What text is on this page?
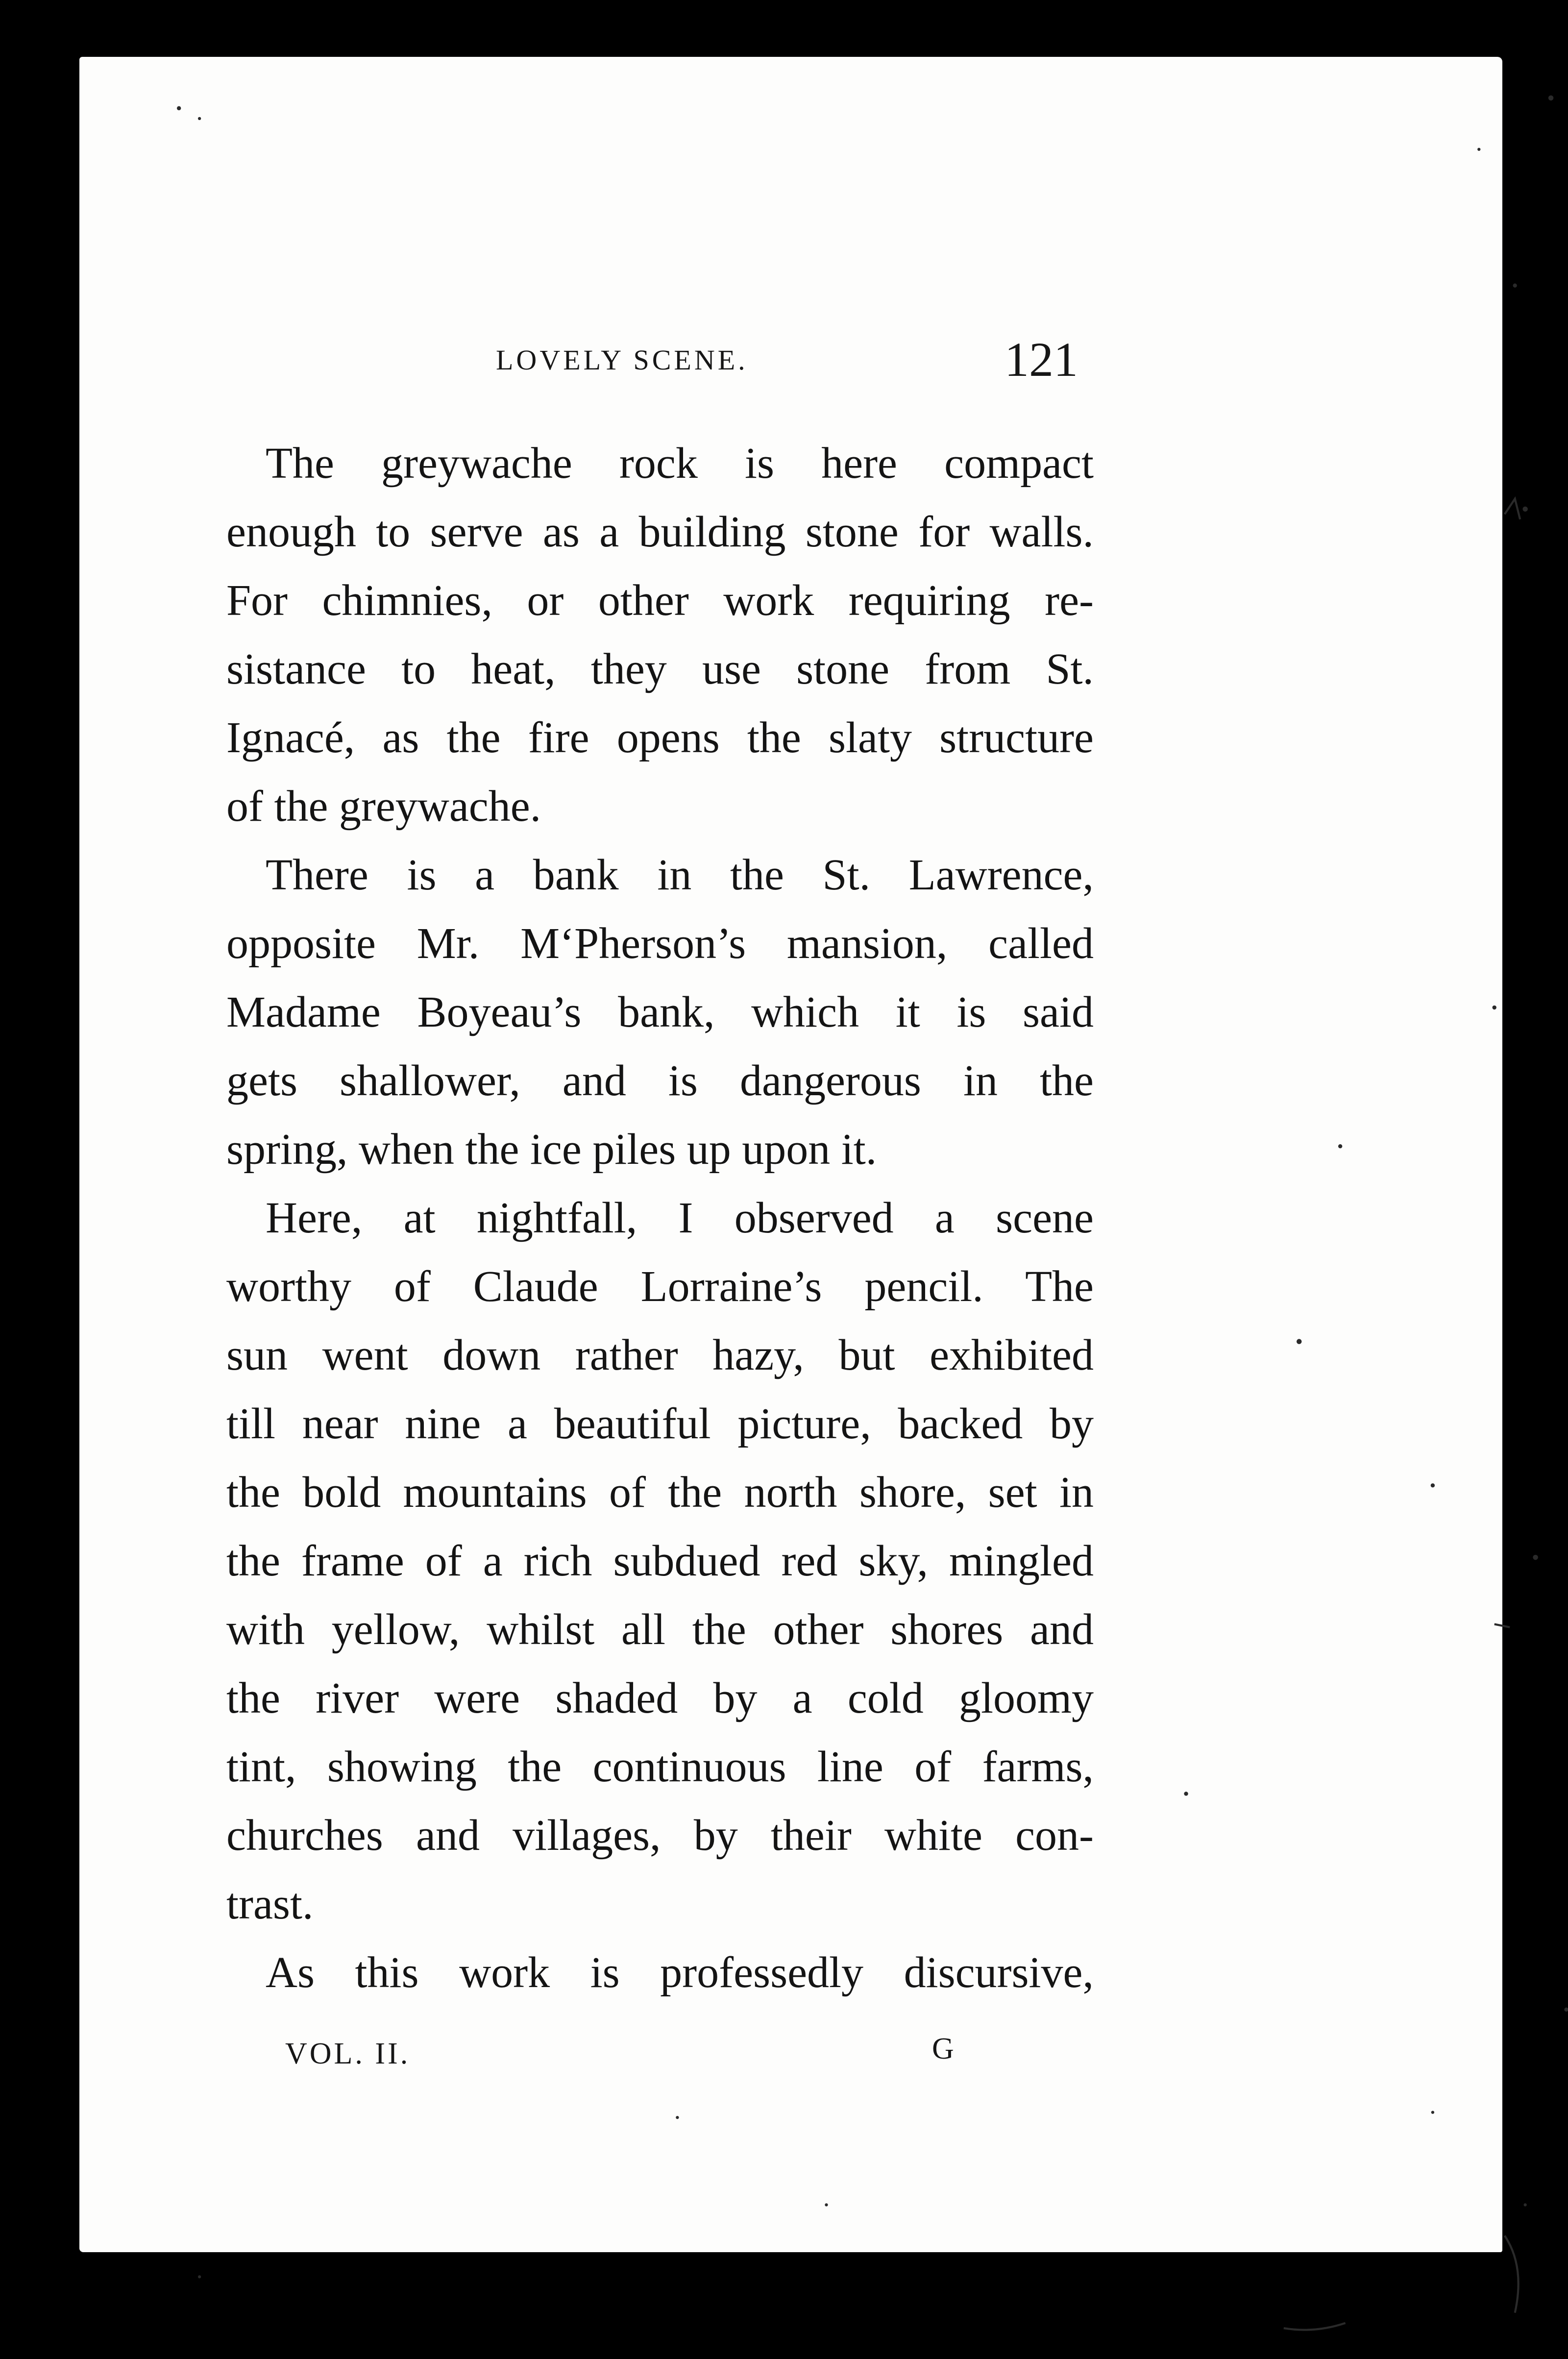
LOVELY SCENE.	121
The greywache rock is here compact
enough to serve as a building stone for walls.
For chimnies, or other work requiring re-
sistance to heat, they use stone from St.
Ignacé, as the fire opens the slaty structure
of the greywache.
There is a bank in the St. Lawrence,
opposite Mr. M‘Pherson’s mansion, called
Madame Boyeau’s bank, which it is said
gets shallower, and is dangerous in the
spring, when the ice piles up upon it.
Here, at nightfall, I observed a scene
worthy of Claude Lorraine’s pencil. The
sun went down rather hazy, but exhibited
till near nine a beautiful picture, backed by
the bold mountains of the north shore, set in
the frame of a rich subdued red sky, mingled
with yellow, whilst all the other shores and
the river were shaded by a cold gloomy
tint, showing the continuous line of farms,
churches and villages, by their white con-
trast.
As this work is professedly discursive,
VOL. II.	G
